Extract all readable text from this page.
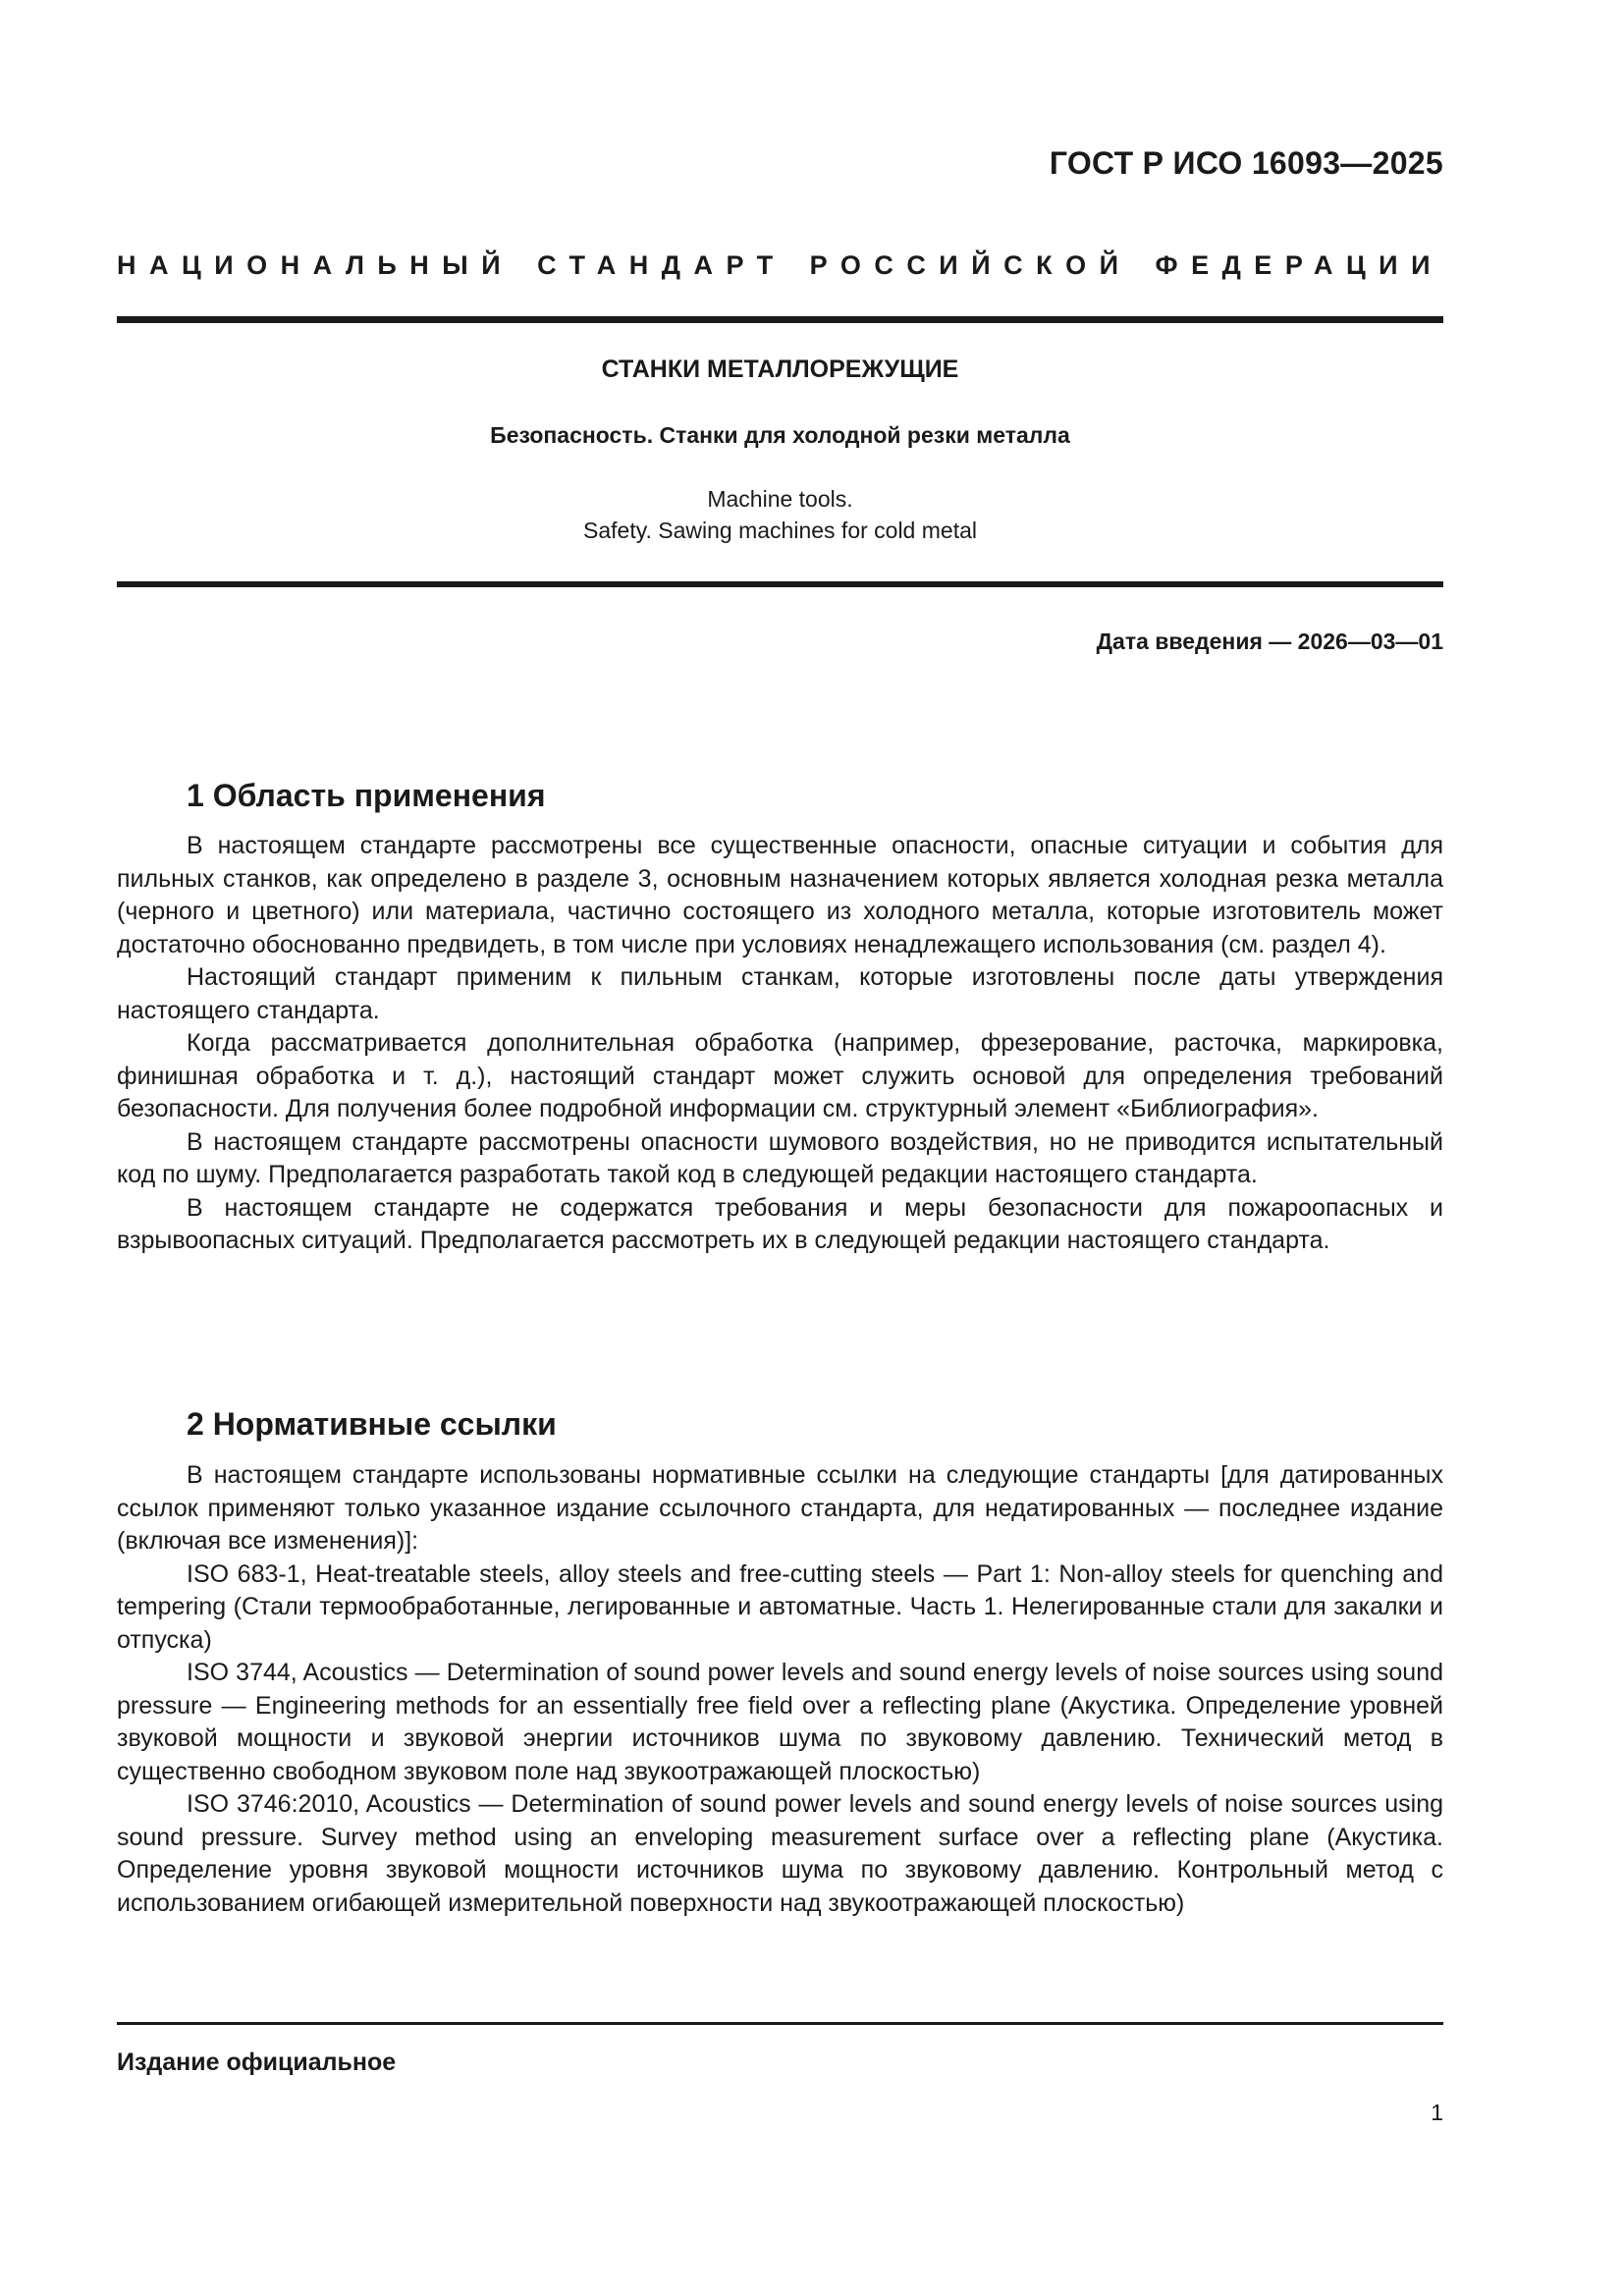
ГОСТ Р ИСО 16093—2025
НАЦИОНАЛЬНЫЙ СТАНДАРТ РОССИЙСКОЙ ФЕДЕРАЦИИ
СТАНКИ МЕТАЛЛОРЕЖУЩИЕ
Безопасность. Станки для холодной резки металла
Machine tools.
Safety. Sawing machines for cold metal
Дата введения — 2026—03—01
1 Область применения

В настоящем стандарте рассмотрены все существенные опасности, опасные ситуации и события для пильных станков, как определено в разделе 3, основным назначением которых является холодная резка металла (черного и цветного) или материала, частично состоящего из холодного металла, которые изготовитель может достаточно обоснованно предвидеть, в том числе при условиях ненадлежащего использования (см. раздел 4).

Настоящий стандарт применим к пильным станкам, которые изготовлены после даты утверждения настоящего стандарта.

Когда рассматривается дополнительная обработка (например, фрезерование, расточка, маркировка, финишная обработка и т. д.), настоящий стандарт может служить основой для определения требований безопасности. Для получения более подробной информации см. структурный элемент «Библиография».

В настоящем стандарте рассмотрены опасности шумового воздействия, но не приводится испытательный код по шуму. Предполагается разработать такой код в следующей редакции настоящего стандарта.

В настоящем стандарте не содержатся требования и меры безопасности для пожароопасных и взрывоопасных ситуаций. Предполагается рассмотреть их в следующей редакции настоящего стандарта.

2 Нормативные ссылки

В настоящем стандарте использованы нормативные ссылки на следующие стандарты [для датированных ссылок применяют только указанное издание ссылочного стандарта, для недатированных — последнее издание (включая все изменения)]:

ISO 683-1, Heat-treatable steels, alloy steels and free-cutting steels — Part 1: Non-alloy steels for quenching and tempering (Стали термообработанные, легированные и автоматные. Часть 1. Нелегированные стали для закалки и отпуска)

ISO 3744, Acoustics — Determination of sound power levels and sound energy levels of noise sources using sound pressure — Engineering methods for an essentially free field over a reflecting plane (Акустика. Определение уровней звуковой мощности и звуковой энергии источников шума по звуковому давлению. Технический метод в существенно свободном звуковом поле над звукоотражающей плоскостью)

ISO 3746:2010, Acoustics — Determination of sound power levels and sound energy levels of noise sources using sound pressure. Survey method using an enveloping measurement surface over a reflecting plane (Акустика. Определение уровня звуковой мощности источников шума по звуковому давлению. Контрольный метод с использованием огибающей измерительной поверхности над звукоотражающей плоскостью)

Издание официальное
1
